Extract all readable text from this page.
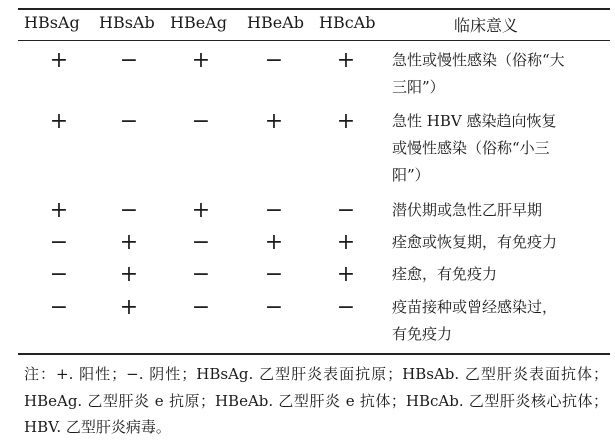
HBsAg HBsAb HBeAg HBeAb HBcAb	临床意义
+ − + − + 急性或慢性感染（俗称“大
三阳”）
+ − − + + 急性 HBV 感染趋向恢复
或慢性感染（俗称“小三
阳”）
+ − + − − 潜伏期或急性乙肝早期
− + − + + 痊愈或恢复期，有免疫力
− + − − + 痊愈，有免疫力
− + − − − 疫苗接种或曾经感染过，
有免疫力
注：+. 阳性；−. 阴性；HBsAg. 乙型肝炎表面抗原；HBsAb. 乙型肝炎表面抗体；HBeAg. 乙型肝炎 e 抗原；HBeAb. 乙型肝炎 e 抗体；HBcAb. 乙型肝炎核心抗体；HBV. 乙型肝炎病毒。
